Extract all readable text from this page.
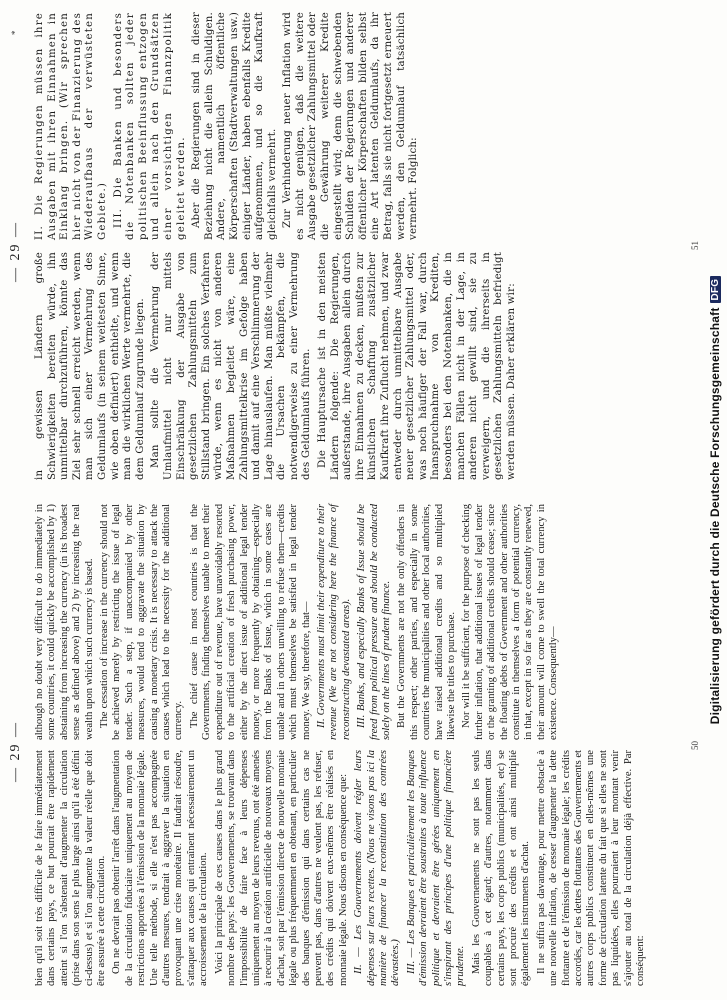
— 29 — bien qu'il soit très difficile de le faire immédiatement dans certains pays, ce but pourrait être rapidement atteint si l'on s'abstenait d'augmenter la circulation (prise dans son sens le plus large ainsi qu'il a été défini ci-dessus) et si l'on augmente la valeur réelle que doit être assurée à cette circulation. On ne devrait pas obtenir l'arrêt dans l'augmentation de la circulation fiduciaire uniquement au moyen de restrictions apportées à l'émission de la monnaie légale. Une telle méthode, si elle n'est pas accompagnée d'autres mesures, tendrait à aggraver la situation en provoquant une crise monétaire. Il faudrait résoudre, s'attaquer aux causes qui entraînent nécessairement un accroissement de la circulation. Voici la principale de ces causes dans le plus grand nombre des pays: les Gouvernements, se trouvant dans l'impossibilité de faire face à leurs dépenses uniquement au moyen de leurs revenus, ont été amenés à recourir à la création artificielle de nouveaux moyens d'achat, soit par l'émission directe de nouvelle monnaie légale ou plus fréquemment en obtenant, en particulier des banques d'émission qui dans certains cas ne peuvent pas, dans d'autres ne veulent pas, les refuser, des crédits qui doivent eux-mêmes être réalisés en monnaie légale. Nous disons en conséquence que: II. — Les Gouvernements doivent régler leurs dépenses sur leurs recettes. (Nous ne visons pas ici la manière de financer la reconstitution des contrées dévastées.) III. — Les Banques et particulièrement les Banques d'émission devraient être soustraites à toute influence politique et devraient être gérées uniquement en s'inspirant des principes d'une politique financière prudente. Mais les Gouvernements ne sont pas les seuls coupables à cet égard; d'autres, notamment dans certains pays, les corps publics (municipalités, etc) se sont procuré des crédits et ont ainsi multiplié également les instruments d'achat. Il ne suffira pas davantage, pour mettre obstacle à une nouvelle inflation, de cesser d'augmenter la dette flottante et de l'émission de monnaie légale; les crédits accordés, car les dettes flottantes des Gouvernements et autres corps publics constituent en elles-mêmes une forme de circulation latente du fait que si elles ne sont pas liquidées, elles pourraient à leur montant venir s'ajouter au total de la circulation déjà effective. Par conséquent:

although no doubt very difficult to do immediately in some countries, it could quickly be accomplished by 1) abstaining from increasing the currency (in its broadest sense as defined above) and 2) by increasing the real wealth upon which such currency is based. The cessation of increase in the currency should not be achieved merely by restricting the issue of legal tender. Such a step, if unaccompanied by other measures, would tend to aggravate the situation by causing a monetary crisis. It is necessary to attack the causes which lead to the necessity for the additional currency. The chief cause in most countries is that the Governments, finding themselves unable to meet their expenditure out of revenue, have unavoidably resorted to the artificial creation of fresh purchasing power, either by the direct issue of additional legal tender money, or more frequently by obtaining—especially from the Banks of Issue, which in some cases are unable and in others unwilling to refuse them—credits which must themselves be satisfied in legal tender money. We say, therefore, that— II. Governments must limit their expenditure to their revenue (We are not considering here the finance of reconstructing devastated areas). III. Banks, and especially Banks of Issue should be freed from political pressure and should be conducted solely on the lines of prudent finance. But the Governments are not the only offenders in this respect; other parties, and especially in some countries the municipalities and other local authorities, have raised additional credits and so multiplied likewise the titles to purchase. Nor will it be sufficient, for the purpose of checking further inflation, that additional issues of legal tender or the granting of additional credits should cease; since the floating debts of Government and other authorities constitute in themselves a form of potential currency, in that, except in so far as they are constantly renewed, their amount will come to swell the total currency in existence. Consequently—

50
— 29 —
*

in gewissen Ländern große Schwierigkeiten bereiten würde, ihn unmittelbar durchzuführen, könnte das Ziel sehr schnell erreicht werden, wenn man sich einer Vermehrung des Geldumlaufs (in seinem weitesten Sinne, wie oben definiert) enthielte, und wenn man die wirklichen Werte vermehrte, die dem Geldumlauf zugrunde liegen. Man sollte die Vermehrung der Umlaufmittel nicht nur mittels Einschränkung der Ausgabe von gesetzlichen Zahlungsmitteln zum Stillstand bringen. Ein solches Verfahren würde, wenn es nicht von anderen Maßnahmen begleitet wäre, eine Zahlungsmittelkrise im Gefolge haben und damit auf eine Verschlimmerung der Lage hinauslaufen. Man müßte vielmehr die Ursachen bekämpfen, die notwendigerweise zu einer Vermehrung des Geldumlaufs führen. Die Hauptursache ist in den meisten Ländern folgende: Die Regierungen, außerstande, ihre Ausgaben allein durch ihre Einnahmen zu decken, mußten zur künstlichen Schaffung zusätzlicher Kaufkraft ihre Zuflucht nehmen, und zwar entweder durch unmittelbare Ausgabe neuer gesetzlicher Zahlungsmittel oder, was noch häufiger der Fall war, durch Inanspruchnahme von Krediten, besonders bei den Notenbanken, die in manchen Fällen nicht in der Lage, in anderen nicht gewillt sind, sie zu verweigern, und die ihrerseits in gesetzlichen Zahlungsmitteln befriedigt werden müssen. Daher erklären wir:

II. Die Regierungen müssen ihre Ausgaben mit ihren Einnahmen in Einklang bringen. (Wir sprechen hier nicht von der Finanzierung des Wiederaufbaus der verwüsteten Gebiete.) III. Die Banken und besonders die Notenbanken sollten jeder politischen Beeinflussung entzogen und allein nach den Grundsätzen einer vorsichtigen Finanzpolitik geleitet werden. Aber die Regierungen sind in dieser Beziehung nicht die allein Schuldigen. Andere, namentlich öffentliche Körperschaften (Stadtverwaltungen usw.) einiger Länder, haben ebenfalls Kredite aufgenommen, und so die Kaufkraft gleichfalls vermehrt. Zur Verhinderung neuer Inflation wird es nicht genügen, daß die weitere Ausgabe gesetzlicher Zahlungsmittel oder die Gewährung weiterer Kredite eingestellt wird; denn die schwebenden Schulden der Regierungen und anderer öffentlicher Körperschaften bilden selbst eine Art latenten Geldumlaufs, da ihr Betrag, falls sie nicht fortgesetzt erneuert werden, den Geldumlauf tatsächlich vermehrt. Folglich:

51
Digitalisierung gefördert durch die Deutsche ForschungsgemeinschaftDFG
